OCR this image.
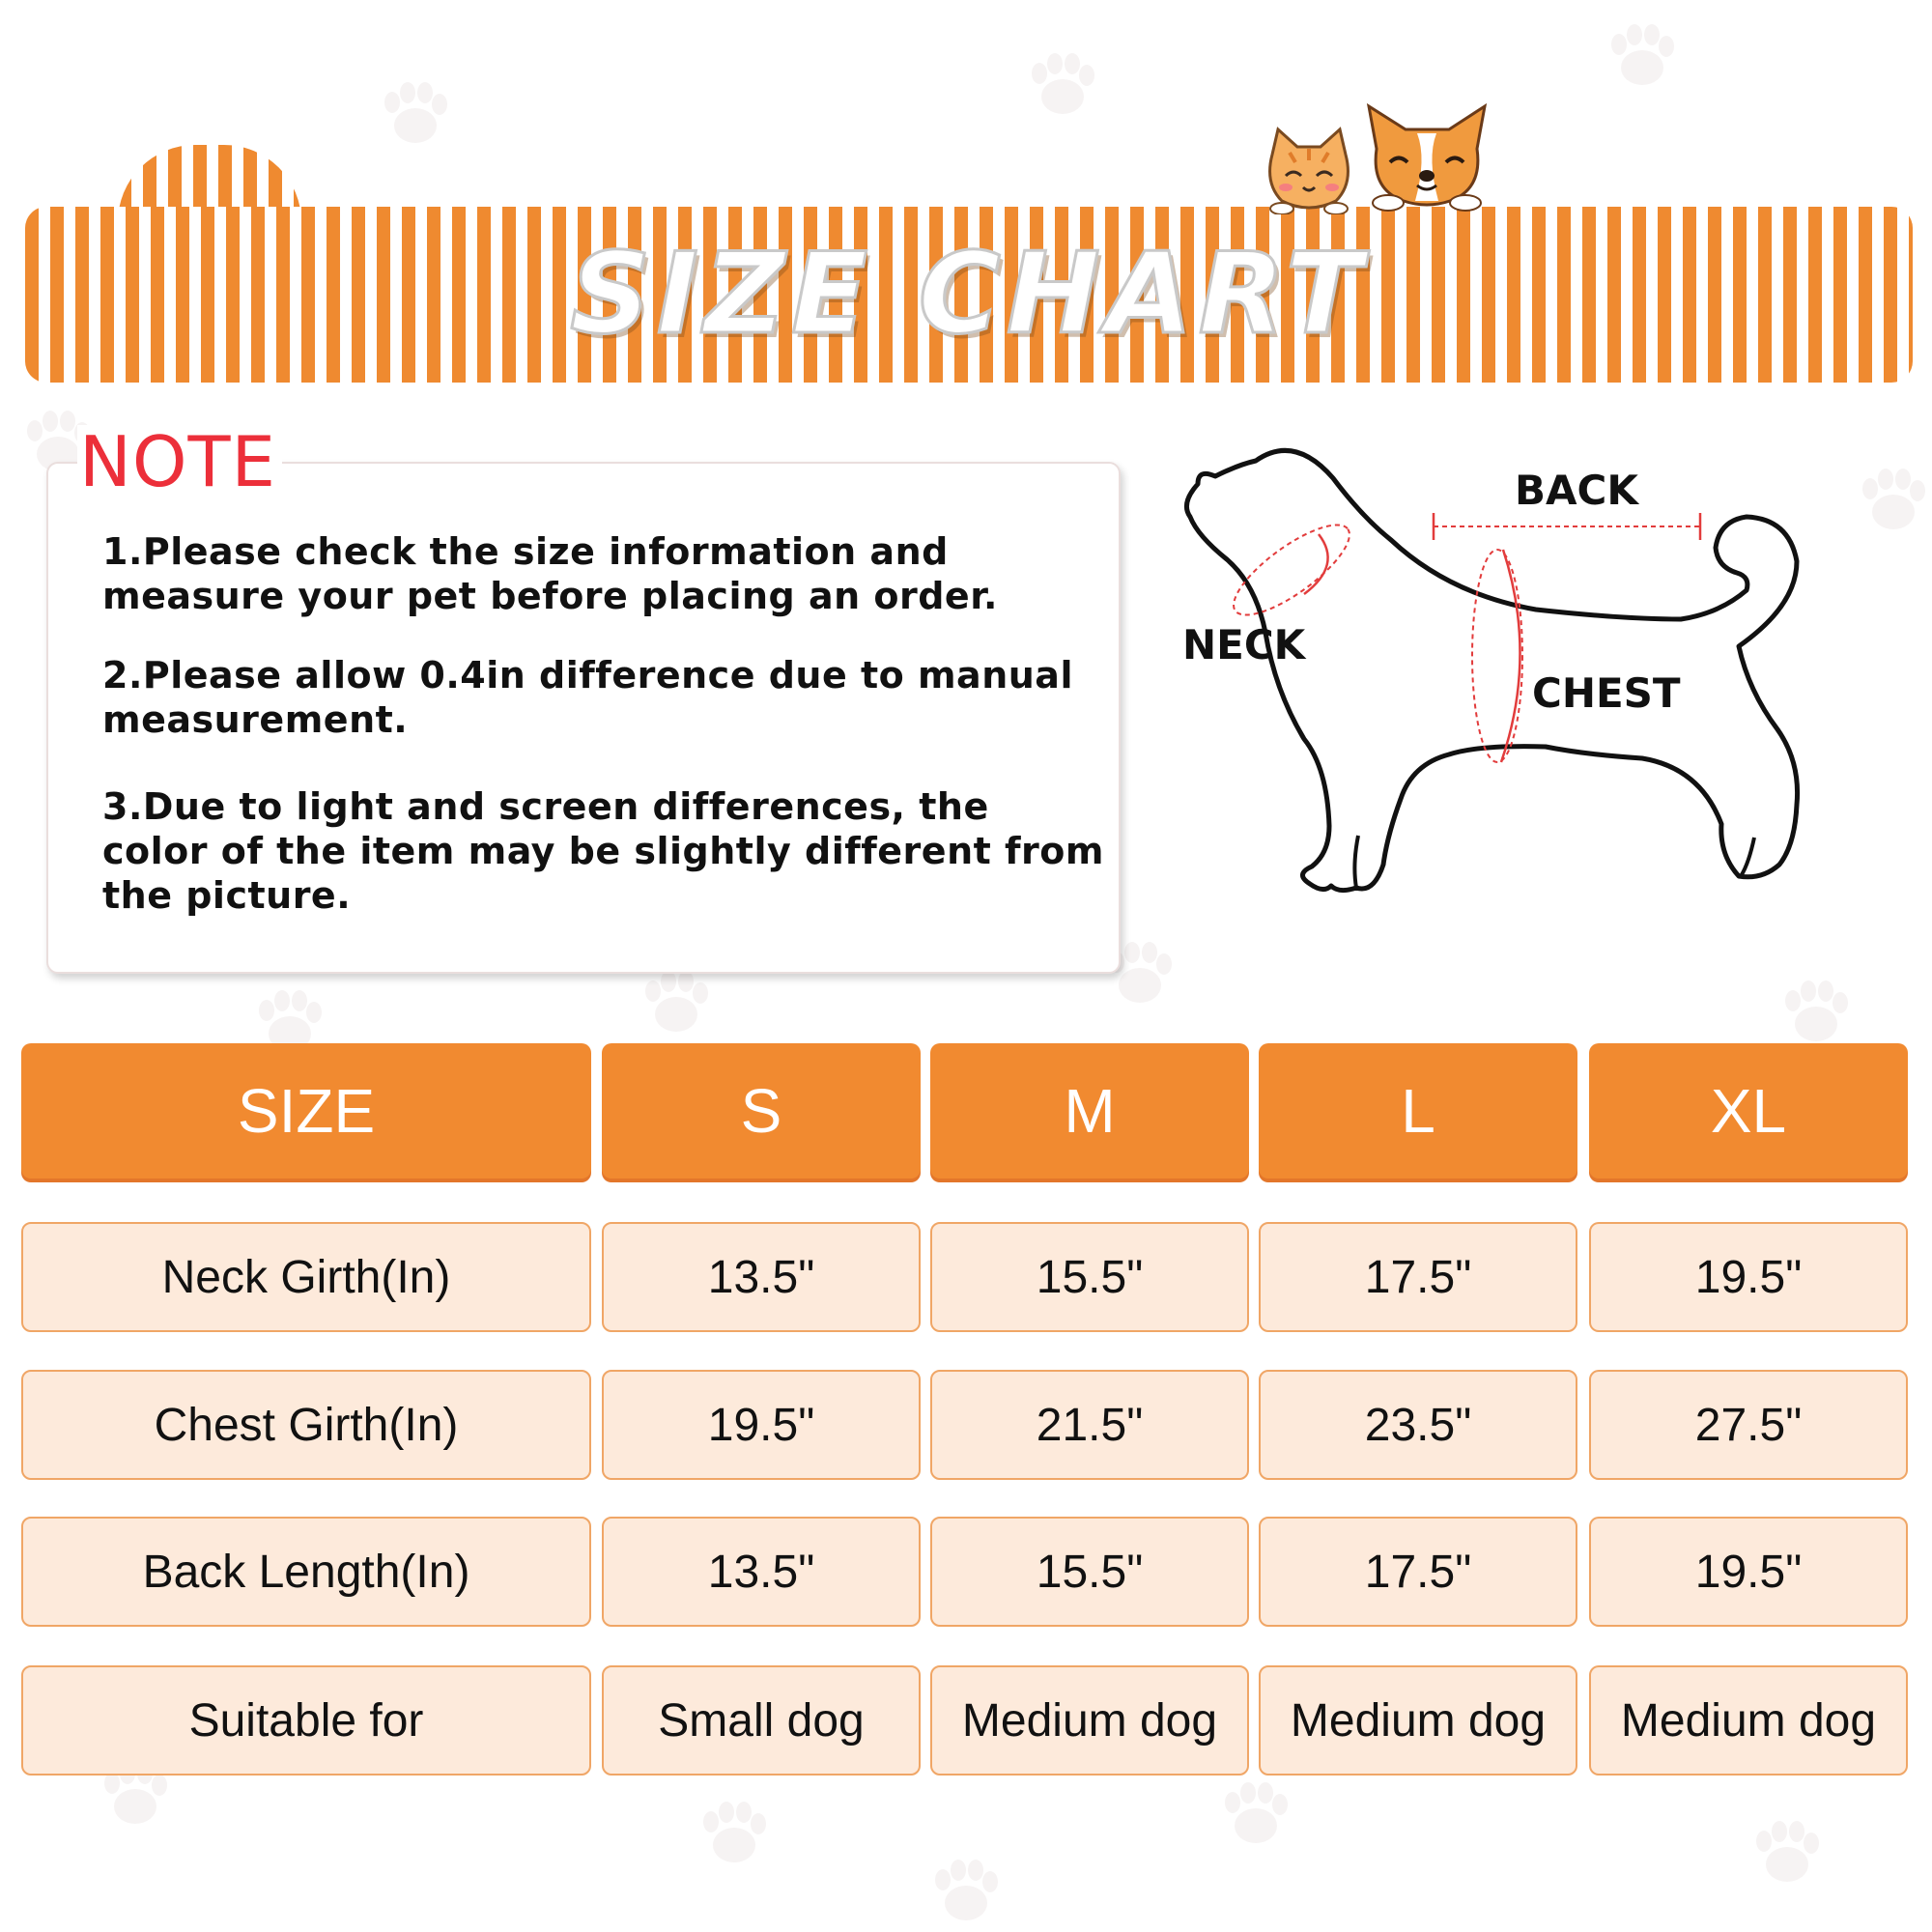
SIZE CHART
1.Please check the size information and measure your pet before placing an order.
2.Please allow 0.4in difference due to manual measurement.
3.Due to light and screen differences, the color of the item may be slightly different from the picture.
NOTE	BACK
NECK
CHEST
SIZE	S	M	L	XL
Neck Girth(In)	13.5"	15.5"	17.5"	19.5"
Chest Girth(In)	19.5"	21.5"	23.5"	27.5"
Back Length(In)	13.5"	15.5"	17.5"	19.5"
Suitable for	Small dog	Medium dog	Medium dog	Medium dog
